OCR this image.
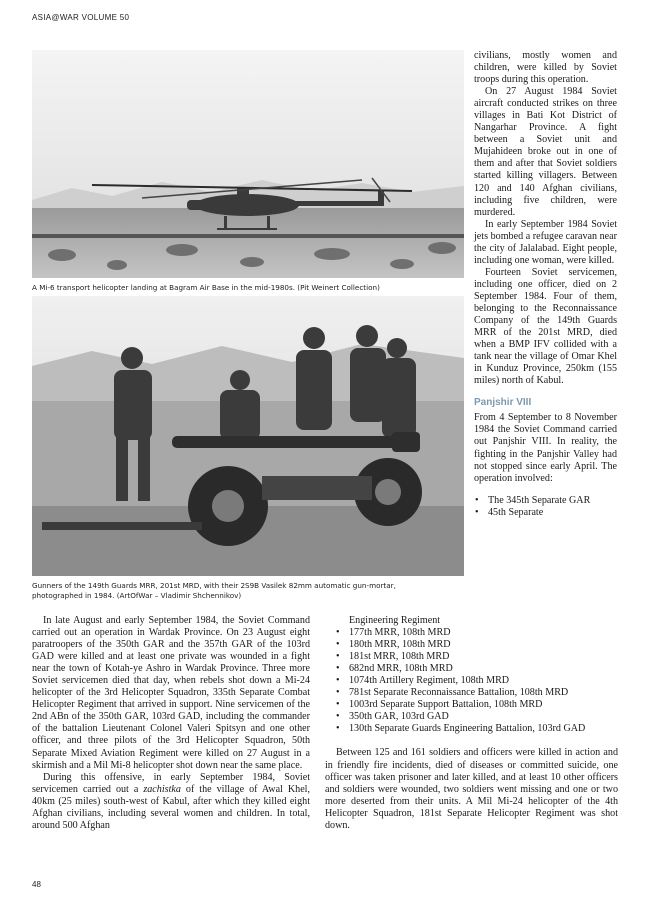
ASIA@WAR VOLUME 50
A Mi-6 transport helicopter landing at Bagram Air Base in the mid-1980s. (Pit Weinert Collection)
Gunners of the 149th Guards MRR, 201st MRD, with their 2S9B Vasilek 82mm automatic gun-mortar, photographed in 1984. (ArtOfWar – Vladimir Shchennikov)

civilians, mostly women and children, were killed by Soviet troops during this operation.

On 27 August 1984 Soviet aircraft conducted strikes on three villages in Bati Kot District of Nangarhar Province. A fight between a Soviet unit and Mujahideen broke out in one of them and after that Soviet soldiers started killing villagers. Between 120 and 140 Afghan civilians, including five children, were murdered.

In early September 1984 Soviet jets bombed a refugee caravan near the city of Jalalabad. Eight people, including one woman, were killed.

Fourteen Soviet servicemen, including one officer, died on 2 September 1984. Four of them, belonging to the Reconnaissance Company of the 149th Guards MRR of the 201st MRD, died when a BMP IFV collided with a tank near the village of Omar Khel in Kunduz Province, 250km (155 miles) north of Kabul.

Panjshir VIII

From 4 September to 8 November 1984 the Soviet Command carried out Panjshir VIII. In reality, the fighting in the Panjshir Valley had not stopped since early April. The operation involved:

• The 345th Separate GAR
• 45th Separate

In late August and early September 1984, the Soviet Command carried out an operation in Wardak Province. On 23 August eight paratroopers of the 350th GAR and the 357th GAR of the 103rd GAD were killed and at least one private was wounded in a fight near the town of Kotah-ye Ashro in Wardak Province. Three more Soviet servicemen died that day, when rebels shot down a Mi-24 helicopter of the 3rd Helicopter Squadron, 335th Separate Combat Helicopter Regiment that arrived in support. Nine servicemen of the 2nd ABn of the 350th GAR, 103rd GAD, including the commander of the battalion Lieutenant Colonel Valeri Spitsyn and one other officer, and three pilots of the 3rd Helicopter Squadron, 50th Separate Mixed Aviation Regiment were killed on 27 August in a skirmish and a Mil Mi-8 helicopter shot down near the same place.

During this offensive, in early September 1984, Soviet servicemen carried out a zachistka of the village of Awal Khel, 40km (25 miles) south-west of Kabul, after which they killed eight Afghan civilians, including several women and children. In total, around 500 Afghan

Engineering Regiment
• 177th MRR, 108th MRD
• 180th MRR, 108th MRD
• 181st MRR, 108th MRD
• 682nd MRR, 108th MRD
• 1074th Artillery Regiment, 108th MRD
• 781st Separate Reconnaissance Battalion, 108th MRD
• 1003rd Separate Support Battalion, 108th MRD
• 350th GAR, 103rd GAD
• 130th Separate Guards Engineering Battalion, 103rd GAD

Between 125 and 161 soldiers and officers were killed in action and in friendly fire incidents, died of diseases or committed suicide, one officer was taken prisoner and later killed, and at least 10 other officers and soldiers were wounded, two soldiers went missing and one or two more deserted from their units. A Mil Mi-24 helicopter of the 4th Helicopter Squadron, 181st Separate Helicopter Regiment was shot down.

48
